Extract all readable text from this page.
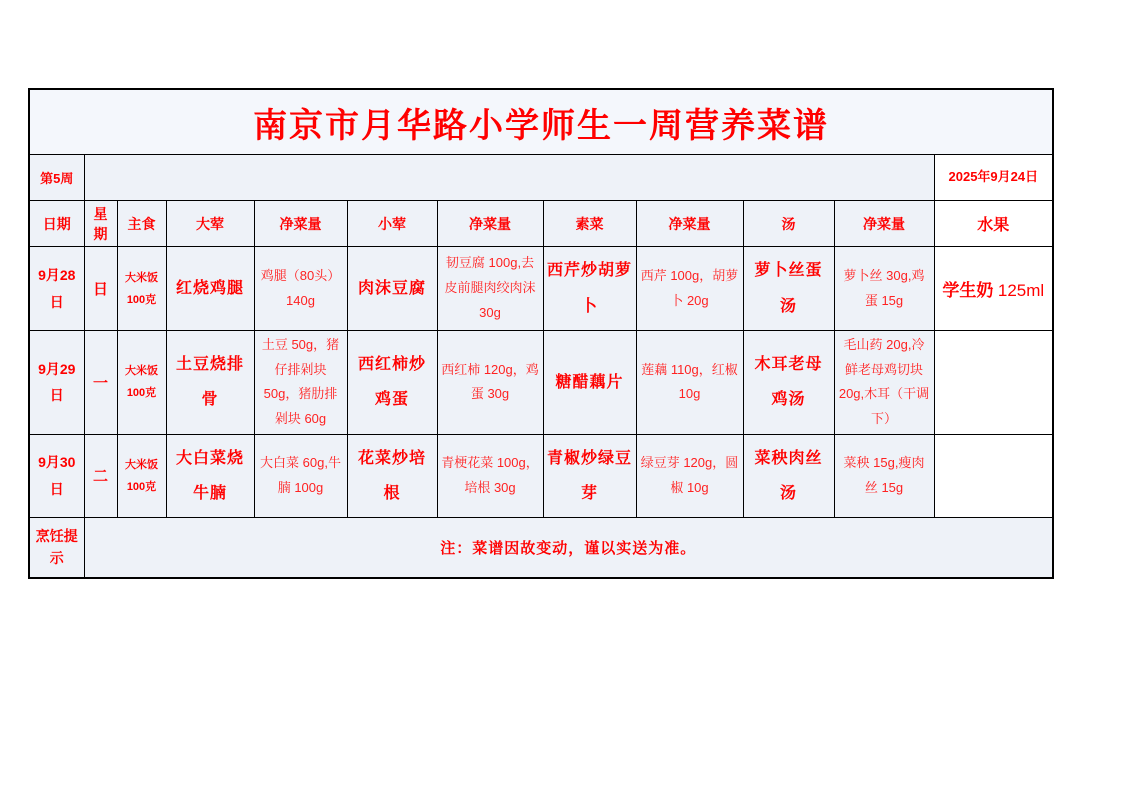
南京市月华路小学师生一周营养菜谱											
第5周											2025年9月24日
日期	星期	主食	大荤	净菜量	小荤	净菜量	素菜	净菜量	汤	净菜量	水果
9月28日	日	大米饭 100克	红烧鸡腿	鸡腿（80头）140g	肉沫豆腐	韧豆腐 100g,去皮前腿肉绞肉沫 30g	西芹炒胡萝卜	西芹 100g，胡萝卜 20g	萝卜丝蛋汤	萝卜丝 30g,鸡蛋 15g	学生奶 125ml
9月29日	一	大米饭 100克	土豆烧排骨	土豆 50g，猪仔排剁块 50g，猪肋排剁块 60g	西红柿炒鸡蛋	西红柿 120g，鸡蛋 30g	糖醋藕片	莲藕 110g，红椒 10g	木耳老母鸡汤	毛山药 20g,冷鲜老母鸡切块 20g,木耳（干调下）	
9月30日	二	大米饭 100克	大白菜烧牛腩	大白菜 60g,牛腩 100g	花菜炒培根	青梗花菜 100g，培根 30g	青椒炒绿豆芽	绿豆芽 120g，圆椒 10g	菜秧肉丝汤	菜秧 15g,瘦肉丝 15g	
烹饪提示	注：菜谱因故变动，谨以实送为准。										
